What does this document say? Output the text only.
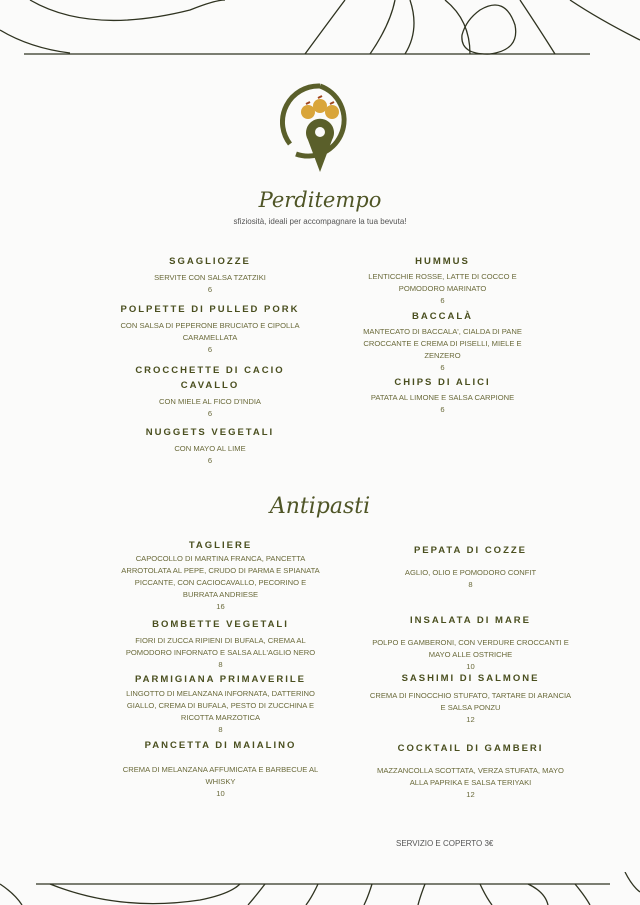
Perditempo
sfiziosità, ideali per accompagnare la tua bevuta!
SGAGLIOZZE
SERVITE CON SALSA TZATZIKI
6
POLPETTE DI PULLED PORK
CON SALSA DI PEPERONE BRUCIATO E CIPOLLA CARAMELLATA
6
CROCCHETTE DI CACIO CAVALLO
CON MIELE AL FICO D'INDIA
6
NUGGETS VEGETALI
CON MAYO AL LIME
6
HUMMUS
LENTICCHIE ROSSE, LATTE DI COCCO E POMODORO MARINATO
6
BACCALÀ
MANTECATO DI BACCALA', CIALDA DI PANE CROCCANTE E CREMA DI PISELLI, MIELE E ZENZERO
6
CHIPS DI ALICI
PATATA AL LIMONE E SALSA CARPIONE
6
Antipasti
TAGLIERE
CAPOCOLLO DI MARTINA FRANCA, PANCETTA ARROTOLATA AL PEPE, CRUDO DI PARMA E SPIANATA PICCANTE, CON CACIOCAVALLO, PECORINO E BURRATA ANDRIESE
16
BOMBETTE VEGETALI
FIORI DI ZUCCA RIPIENI DI BUFALA, CREMA AL POMODORO INFORNATO E SALSA ALL'AGLIO NERO
8
PARMIGIANA PRIMAVERILE
LINGOTTO DI MELANZANA INFORNATA, DATTERINO GIALLO, CREMA DI BUFALA, PESTO DI ZUCCHINA E RICOTTA MARZOTICA
8
PANCETTA DI MAIALINO
CREMA DI MELANZANA AFFUMICATA E BARBECUE AL WHISKY
10
PEPATA DI COZZE
AGLIO, OLIO E POMODORO CONFIT
8
INSALATA DI MARE
POLPO E GAMBERONI, CON VERDURE CROCCANTI E MAYO ALLE OSTRICHE
10
SASHIMI DI SALMONE
CREMA DI FINOCCHIO STUFATO, TARTARE DI ARANCIA E SALSA PONZU
12
COCKTAIL DI GAMBERI
MAZZANCOLLA SCOTTATA, VERZA STUFATA, MAYO ALLA PAPRIKA E SALSA TERIYAKI
12
SERVIZIO E COPERTO 3€
